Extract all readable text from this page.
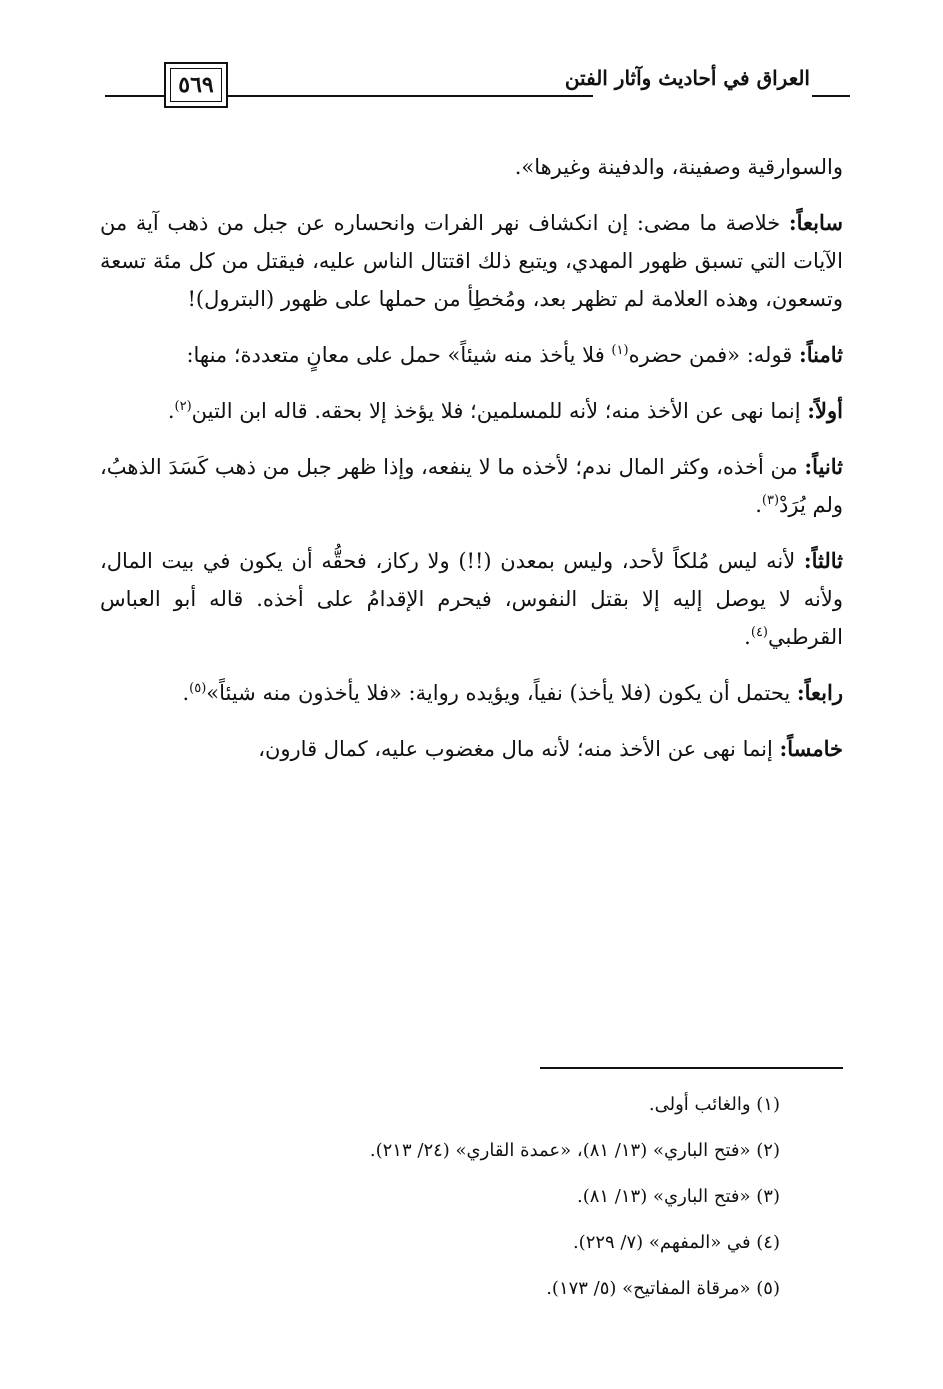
٥٦٩	العراق في أحاديث وآثار الفتن

والسوارقية وصفينة، والدفينة وغيرها».

سابعاً: خلاصة ما مضى: إن انكشاف نهر الفرات وانحساره عن جبل من ذهب آية من الآيات التي تسبق ظهور المهدي، ويتبع ذلك اقتتال الناس عليه، فيقتل من كل مئة تسعة وتسعون، وهذه العلامة لم تظهر بعد، ومُخطِأ من حملها على ظهور (البترول)!

ثامناً: قوله: «فمن حضره$^{(١)}$ فلا يأخذ منه شيئاً» حمل على معانٍ متعددة؛ منها:

أولاً: إنما نهى عن الأخذ منه؛ لأنه للمسلمين؛ فلا يؤخذ إلا بحقه. قاله ابن التين$^{(٢)}$.

ثانياً: من أخذه، وكثر المال ندم؛ لأخذه ما لا ينفعه، وإذا ظهر جبل من ذهب كَسَدَ الذهبُ، ولم يُرَدْ$^{(٣)}$.

ثالثاً: لأنه ليس مُلكاً لأحد، وليس بمعدن (!!) ولا ركاز، فحقُّه أن يكون في بيت المال، ولأنه لا يوصل إليه إلا بقتل النفوس، فيحرم الإقدامُ على أخذه. قاله أبو العباس القرطبي$^{(٤)}$.

رابعاً: يحتمل أن يكون (فلا يأخذ) نفياً، ويؤيده رواية: «فلا يأخذون منه شيئاً»$^{(٥)}$.

خامساً: إنما نهى عن الأخذ منه؛ لأنه مال مغضوب عليه، كمال قارون،

(١) والغائب أولى.
(٢) «فتح الباري» (١٣/ ٨١)، «عمدة القاري» (٢٤/ ٢١٣).
(٣) «فتح الباري» (١٣/ ٨١).
(٤) في «المفهم» (٧/ ٢٢٩).
(٥) «مرقاة المفاتيح» (٥/ ١٧٣).
